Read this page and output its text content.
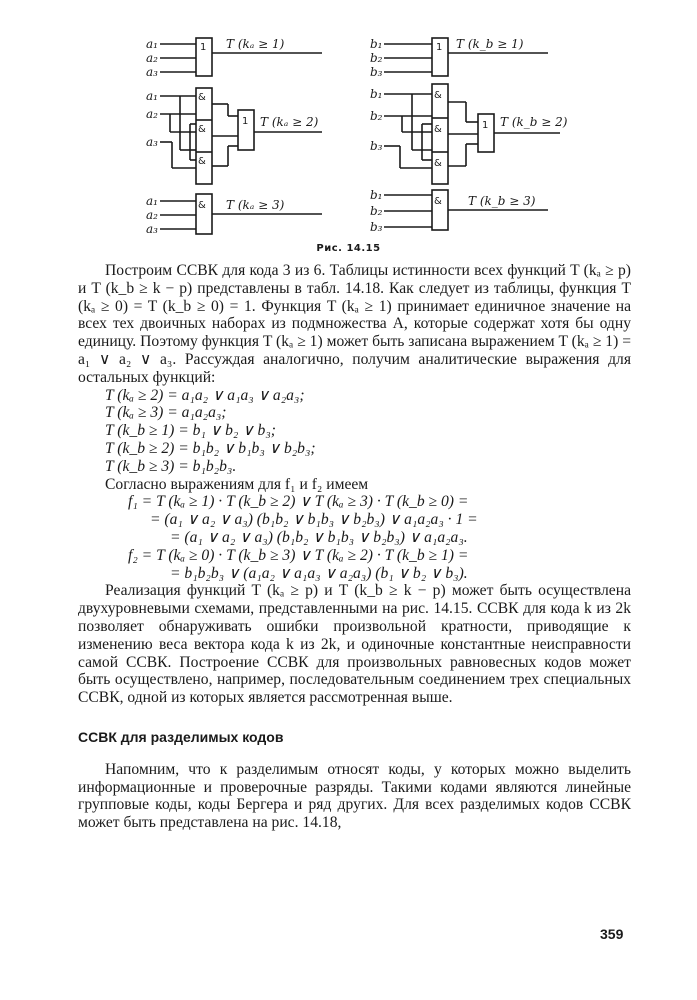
a₁
a₂
a₃
1 T (kₐ ≥ 1)
a₁
a₂
a₃
&
&
&
1 T (kₐ ≥ 2)
a₁
a₂
a₃
& T (kₐ ≥ 3)
b₁
b₂
b₃
1 T (k_b ≥ 1)
b₁
b₂
b₃
&
&
&
1 T (k_b ≥ 2)
b₁
b₂
b₃
& T (k_b ≥ 3)
Рис. 14.15

Построим ССВК для кода 3 из 6. Таблицы истинности всех функций T (kₐ ≥ p) и T (k_b ≥ k − p) представлены в табл. 14.18. Как следует из таблицы, функция T (kₐ ≥ 0) = T (k_b ≥ 0) = 1. Функция T (kₐ ≥ 1) принимает единичное значение на всех тех двоичных наборах из подмножества A, которые содержат хотя бы одну единицу. Поэтому функция T (kₐ ≥ 1) может быть записана выражением T (kₐ ≥ 1) = a₁ ∨ a₂ ∨ a₃. Рассуждая аналогично, получим аналитические выражения для остальных функций:

T (kₐ ≥ 2) = a₁a₂ ∨ a₁a₃ ∨ a₂a₃;
T (kₐ ≥ 3) = a₁a₂a₃;
T (k_b ≥ 1) = b₁ ∨ b₂ ∨ b₃;
T (k_b ≥ 2) = b₁b₂ ∨ b₁b₃ ∨ b₂b₃;
T (k_b ≥ 3) = b₁b₂b₃.

Согласно выражениям для f₁ и f₂ имеем

f₁ = T (kₐ ≥ 1) · T (k_b ≥ 2) ∨ T (kₐ ≥ 3) · T (k_b ≥ 0) =
= (a₁ ∨ a₂ ∨ a₃) (b₁b₂ ∨ b₁b₃ ∨ b₂b₃) ∨ a₁a₂a₃ · 1 =
= (a₁ ∨ a₂ ∨ a₃) (b₁b₂ ∨ b₁b₃ ∨ b₂b₃) ∨ a₁a₂a₃.
f₂ = T (kₐ ≥ 0) · T (k_b ≥ 3) ∨ T (kₐ ≥ 2) · T (k_b ≥ 1) =
= b₁b₂b₃ ∨ (a₁a₂ ∨ a₁a₃ ∨ a₂a₃) (b₁ ∨ b₂ ∨ b₃).

Реализация функций T (kₐ ≥ p) и T (k_b ≥ k − p) может быть осуществлена двухуровневыми схемами, представленными на рис. 14.15. ССВК для кода k из 2k позволяет обнаруживать ошибки произвольной кратности, приводящие к изменению веса вектора кода k из 2k, и одиночные константные неисправности самой ССВК. Построение ССВК для произвольных равновесных кодов может быть осуществлено, например, последовательным соединением трех специальных ССВК, одной из которых является рассмотренная выше.

ССВК для разделимых кодов

Напомним, что к разделимым относят коды, у которых можно выделить информационные и проверочные разряды. Такими кодами являются линейные групповые коды, коды Бергера и ряд других. Для всех разделимых кодов ССВК может быть представлена на рис. 14.18,

359
